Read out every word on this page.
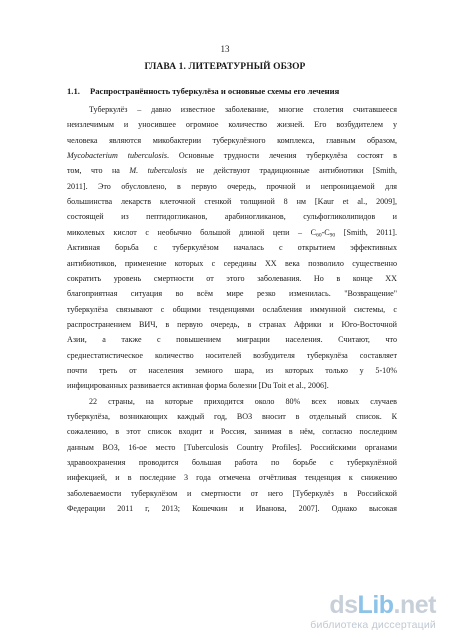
13
ГЛАВА 1. ЛИТЕРАТУРНЫЙ ОБЗОР
1.1. Распространённость туберкулёза и основные схемы его лечения
Туберкулёз – давно известное заболевание, многие столетия считавшееся
неизлечимым и уносившее огромное количество жизней. Его возбудителем у
человека являются микобактерии туберкулёзного комплекса, главным образом,
Mycobacterium tuberculosis. Основные трудности лечения туберкулёза состоят в
том, что на M. tuberculosis не действуют традиционные антибиотики [Smith,
2011]. Это обусловлено, в первую очередь, прочной и непроницаемой для
большинства лекарств клеточной стенкой толщиной 8 нм [Kaur et al., 2009],
состоящей из пептидогликанов, арабиногликанов, сульфогликолипидов и
миколевых кислот с необычно большой длиной цепи – $C_{60}-C_{90}$ [Smith, 2011].
Активная борьба с туберкулёзом началась с открытием эффективных
антибиотиков, применение которых с середины XX века позволило существенно
сократить уровень смертности от этого заболевания. Но в конце XX
благоприятная ситуация во всём мире резко изменилась. "Возвращение"
туберкулёза связывают с общими тенденциями ослабления иммунной системы, с
распространением ВИЧ, в первую очередь, в странах Африки и Юго-Восточной
Азии, а также с повышением миграции населения. Считают, что
среднестатистическое количество носителей возбудителя туберкулёза составляет
почти треть от населения земного шара, из которых только у 5-10%
инфицированных развивается активная форма болезни [Du Toit et al., 2006].
22 страны, на которые приходится около 80% всех новых случаев
туберкулёза, возникающих каждый год, ВОЗ вносит в отдельный список. К
сожалению, в этот список входит и Россия, занимая в нём, согласно последним
данным ВОЗ, 16-ое место [Tuberculosis Country Profiles]. Российскими органами
здравоохранения проводится большая работа по борьбе с туберкулёзной
инфекцией, и в последние 3 года отмечена отчётливая тенденция к снижению
заболеваемости туберкулёзом и смертности от него [Туберкулёз в Российской
Федерации 2011 г, 2013; Кошечкин и Иванова, 2007]. Однако высокая
dsLib.net
библиотека диссертаций
